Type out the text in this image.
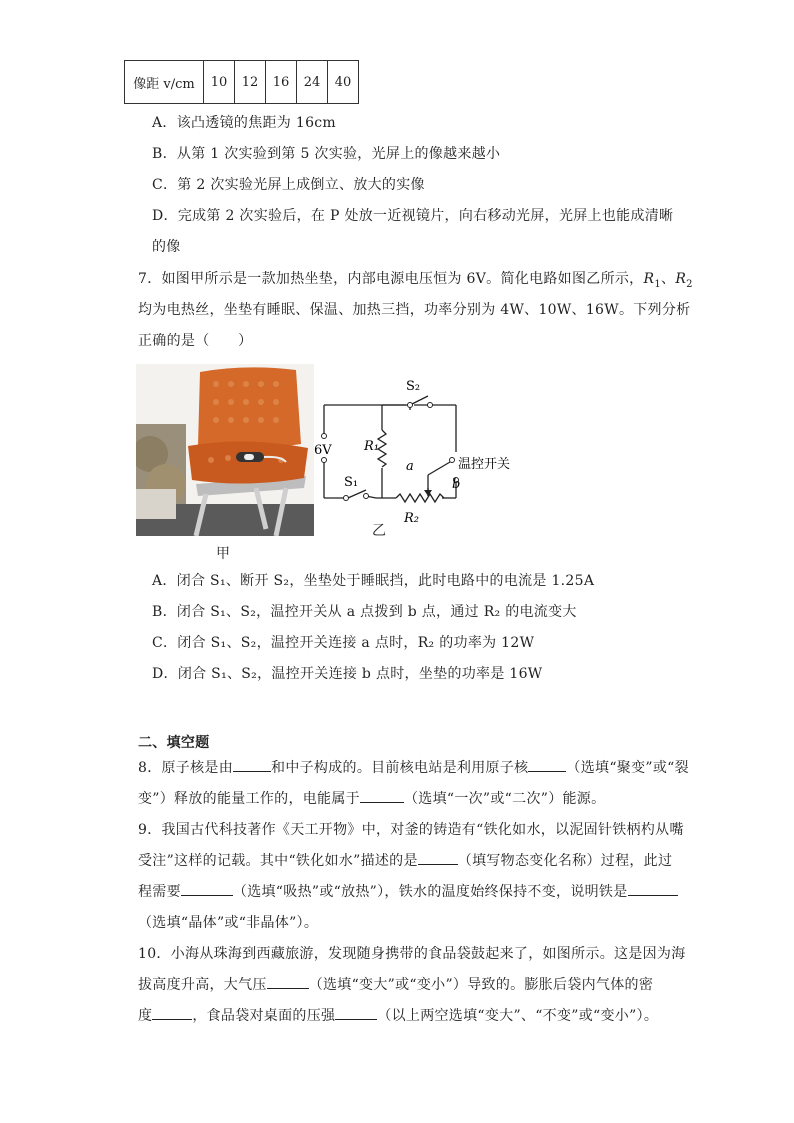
像距 v/cm	10	12	16	24	40
A．该凸透镜的焦距为 16cm
B．从第 1 次实验到第 5 次实验，光屏上的像越来越小
C．第 2 次实验光屏上成倒立、放大的实像
D．完成第 2 次实验后，在 P 处放一近视镜片，向右移动光屏，光屏上也能成清晰
的像
7．如图甲所示是一款加热坐垫，内部电源电压恒为 6V。简化电路如图乙所示，$R_1$、$R_2$
均为电热丝，坐垫有睡眠、保温、加热三挡，功率分别为 4W、10W、16W。下列分析
正确的是（　　）
甲
S₂
R₁
6V
S₁
a
b
温控开关
R₂
乙
A．闭合 S₁、断开 S₂，坐垫处于睡眠挡，此时电路中的电流是 1.25A
B．闭合 S₁、S₂，温控开关从 a 点拨到 b 点，通过 R₂ 的电流变大
C．闭合 S₁、S₂，温控开关连接 a 点时，R₂ 的功率为 12W
D．闭合 S₁、S₂，温控开关连接 b 点时，坐垫的功率是 16W
二、填空题
8．原子核是由	和中子构成的。目前核电站是利用原子核	（选填“聚变”或“裂
变”）释放的能量工作的，电能属于	（选填“一次”或“二次”）能源。
9．我国古代科技著作《天工开物》中，对釜的铸造有“铁化如水，以泥固针铁柄杓从嘴
受注”这样的记载。其中“铁化如水”描述的是	（填写物态变化名称）过程，此过
程需要	（选填“吸热”或“放热”），铁水的温度始终保持不变，说明铁是
（选填“晶体”或“非晶体”）。
10．小海从珠海到西藏旅游，发现随身携带的食品袋鼓起来了，如图所示。这是因为海
拔高度升高，大气压	（选填“变大”或“变小”）导致的。膨胀后袋内气体的密
度	，食品袋对桌面的压强	（以上两空选填“变大”、“不变”或“变小”）。
